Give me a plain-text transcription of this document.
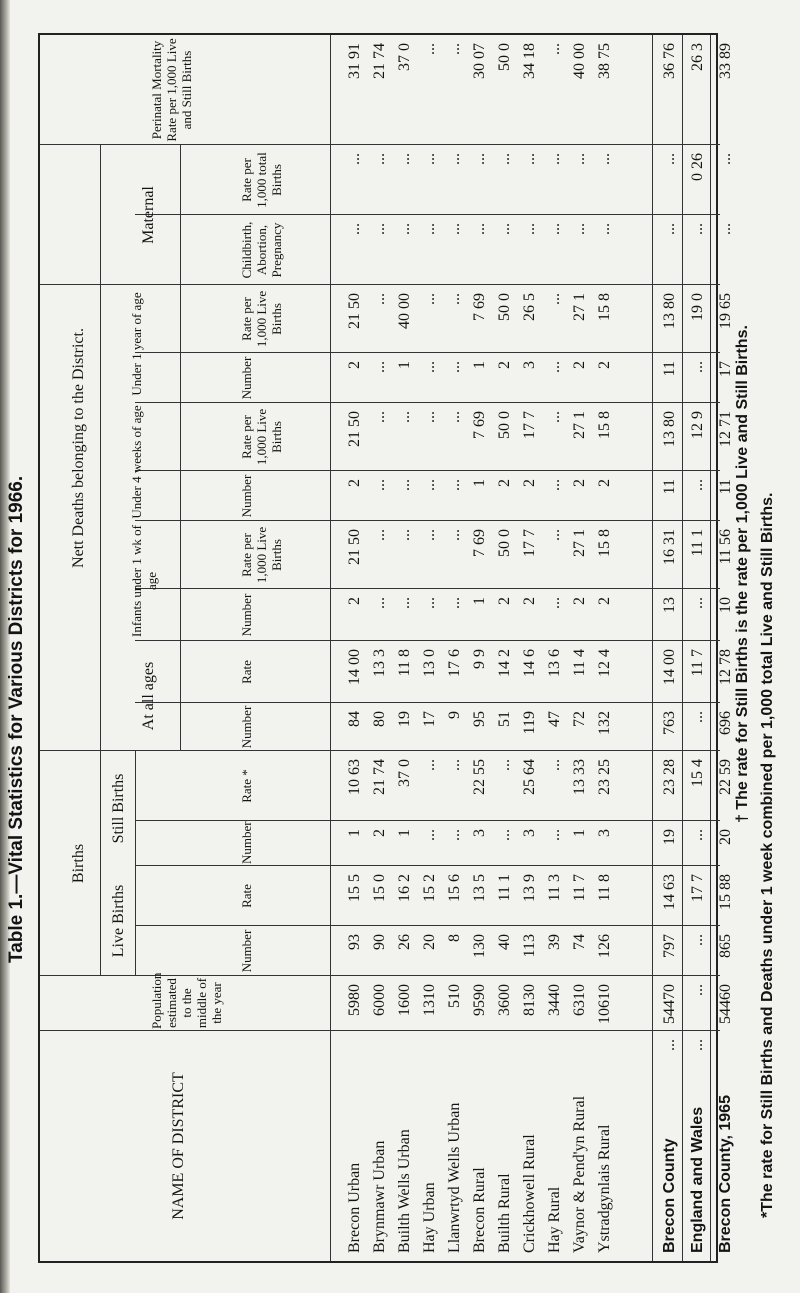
Table 1.—Vital Statistics for Various Districts for 1966.
NAME OF DISTRICT
Population estimated to the middle of the year
Births
Live Births
Still Births
Nett Deaths belonging to the District.
At all ages
Infants under 1 wk of age
Under 4 weeks of age
Under 1 year of age
Maternal
Perinatal Mortality Rate per 1,000 Live and Still Births
Number
Rate
Number
Rate *
Number
Rate
Number
Rate per 1,000 Live Births
Number
Rate per 1,000 Live Births
Number
Rate per 1,000 Live Births
Childbirth, Abortion, Pregnancy
Rate per 1,000 total Births
Brecon Urban
5980
93
15 5
1
10 63
84
14 00
2
21 50
2
21 50
2
21 50
...
...
31 91
Brynmawr Urban
6000
90
15 0
2
21 74
80
13 3
...
...
...
...
...
...
...
...
21 74
Builth Wells Urban
1600
26
16 2
1
37 0
19
11 8
...
...
...
...
1
40 00
...
...
37 0
Hay Urban
1310
20
15 2
...
...
17
13 0
...
...
...
...
...
...
...
...
...
Llanwrtyd Wells Urban
510
8
15 6
...
...
9
17 6
...
...
...
...
...
...
...
...
...
Brecon Rural
9590
130
13 5
3
22 55
95
9 9
1
7 69
1
7 69
1
7 69
...
...
30 07
Builth Rural
3600
40
11 1
...
...
51
14 2
2
50 0
2
50 0
2
50 0
...
...
50 0
Crickhowell Rural
8130
113
13 9
3
25 64
119
14 6
2
17 7
2
17 7
3
26 5
...
...
34 18
Hay Rural
3440
39
11 3
...
...
47
13 6
...
...
...
...
...
...
...
...
...
Vaynor & Pend'yn Rural
6310
74
11 7
1
13 33
72
11 4
2
27 1
2
27 1
2
27 1
...
...
40 00
Ystradgynlais Rural
10610
126
11 8
3
23 25
132
12 4
2
15 8
2
15 8
2
15 8
...
...
38 75
Brecon County
...
54470
797
14 63
19
23 28
763
14 00
13
16 31
11
13 80
11
13 80
...
...
36 76
England and Wales
...
...
...
17 7
...
15 4
...
11 7
...
11 1
...
12 9
...
19 0
...
0 26
26 3
Brecon County, 1965
54460
865
15 88
20
22 59
696
12 78
10
11 56
11
12 71
17
19 65
...
...
33 89
† The rate for Still Births is the rate per 1,000 Live and Still Births. *The rate for Still Births and Deaths under 1 week combined per 1,000 total Live and Still Births.
